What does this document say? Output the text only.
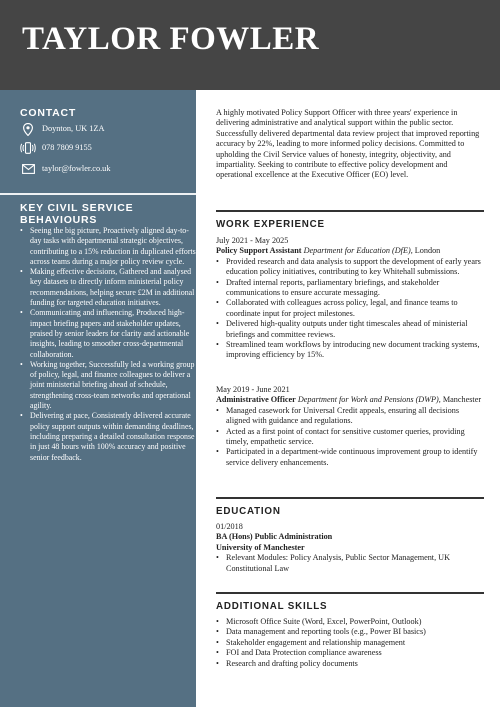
TAYLOR FOWLER
CONTACT
Doynton, UK 1ZA
078 7809 9155
taylor@fowler.co.uk
KEY CIVIL SERVICE BEHAVIOURS
• Seeing the big picture, Proactively aligned day-to-day tasks with departmental strategic objectives, contributing to a 15% reduction in duplicated efforts across teams during a major policy review cycle.
• Making effective decisions, Gathered and analysed key datasets to directly inform ministerial policy recommendations, helping secure £2M in additional funding for targeted education initiatives.
• Communicating and influencing, Produced high-impact briefing papers and stakeholder updates, praised by senior leaders for clarity and actionable insights, leading to smoother cross-departmental collaboration.
• Working together, Successfully led a working group of policy, legal, and finance colleagues to deliver a joint ministerial briefing ahead of schedule, strengthening cross-team networks and operational agility.
• Delivering at pace, Consistently delivered accurate policy support outputs within demanding deadlines, including preparing a detailed consultation response in just 48 hours with 100% accuracy and positive senior feedback.
A highly motivated Policy Support Officer with three years' experience in delivering administrative and analytical support within the public sector. Successfully delivered departmental data review project that improved reporting accuracy by 22%, leading to more informed policy decisions. Committed to upholding the Civil Service values of honesty, integrity, objectivity, and impartiality. Seeking to contribute to effective policy development and operational excellence at the Executive Officer (EO) level.
WORK EXPERIENCE
July 2021 - May 2025
Policy Support Assistant Department for Education (DfE), London
• Provided research and data analysis to support the development of early years education policy initiatives, contributing to key Whitehall submissions.
• Drafted internal reports, parliamentary briefings, and stakeholder communications to ensure accurate messaging.
• Collaborated with colleagues across policy, legal, and finance teams to coordinate input for project milestones.
• Delivered high-quality outputs under tight timescales ahead of ministerial briefings and committee reviews.
• Streamlined team workflows by introducing new document tracking systems, improving efficiency by 15%.
May 2019 - June 2021
Administrative Officer Department for Work and Pensions (DWP), Manchester
• Managed casework for Universal Credit appeals, ensuring all decisions aligned with guidance and regulations.
• Acted as a first point of contact for sensitive customer queries, providing timely, empathetic service.
• Participated in a department-wide continuous improvement group to identify service delivery enhancements.
EDUCATION
01/2018
BA (Hons) Public Administration
University of Manchester
• Relevant Modules: Policy Analysis, Public Sector Management, UK Constitutional Law
ADDITIONAL SKILLS
• Microsoft Office Suite (Word, Excel, PowerPoint, Outlook)
• Data management and reporting tools (e.g., Power BI basics)
• Stakeholder engagement and relationship management
• FOI and Data Protection compliance awareness
• Research and drafting policy documents
